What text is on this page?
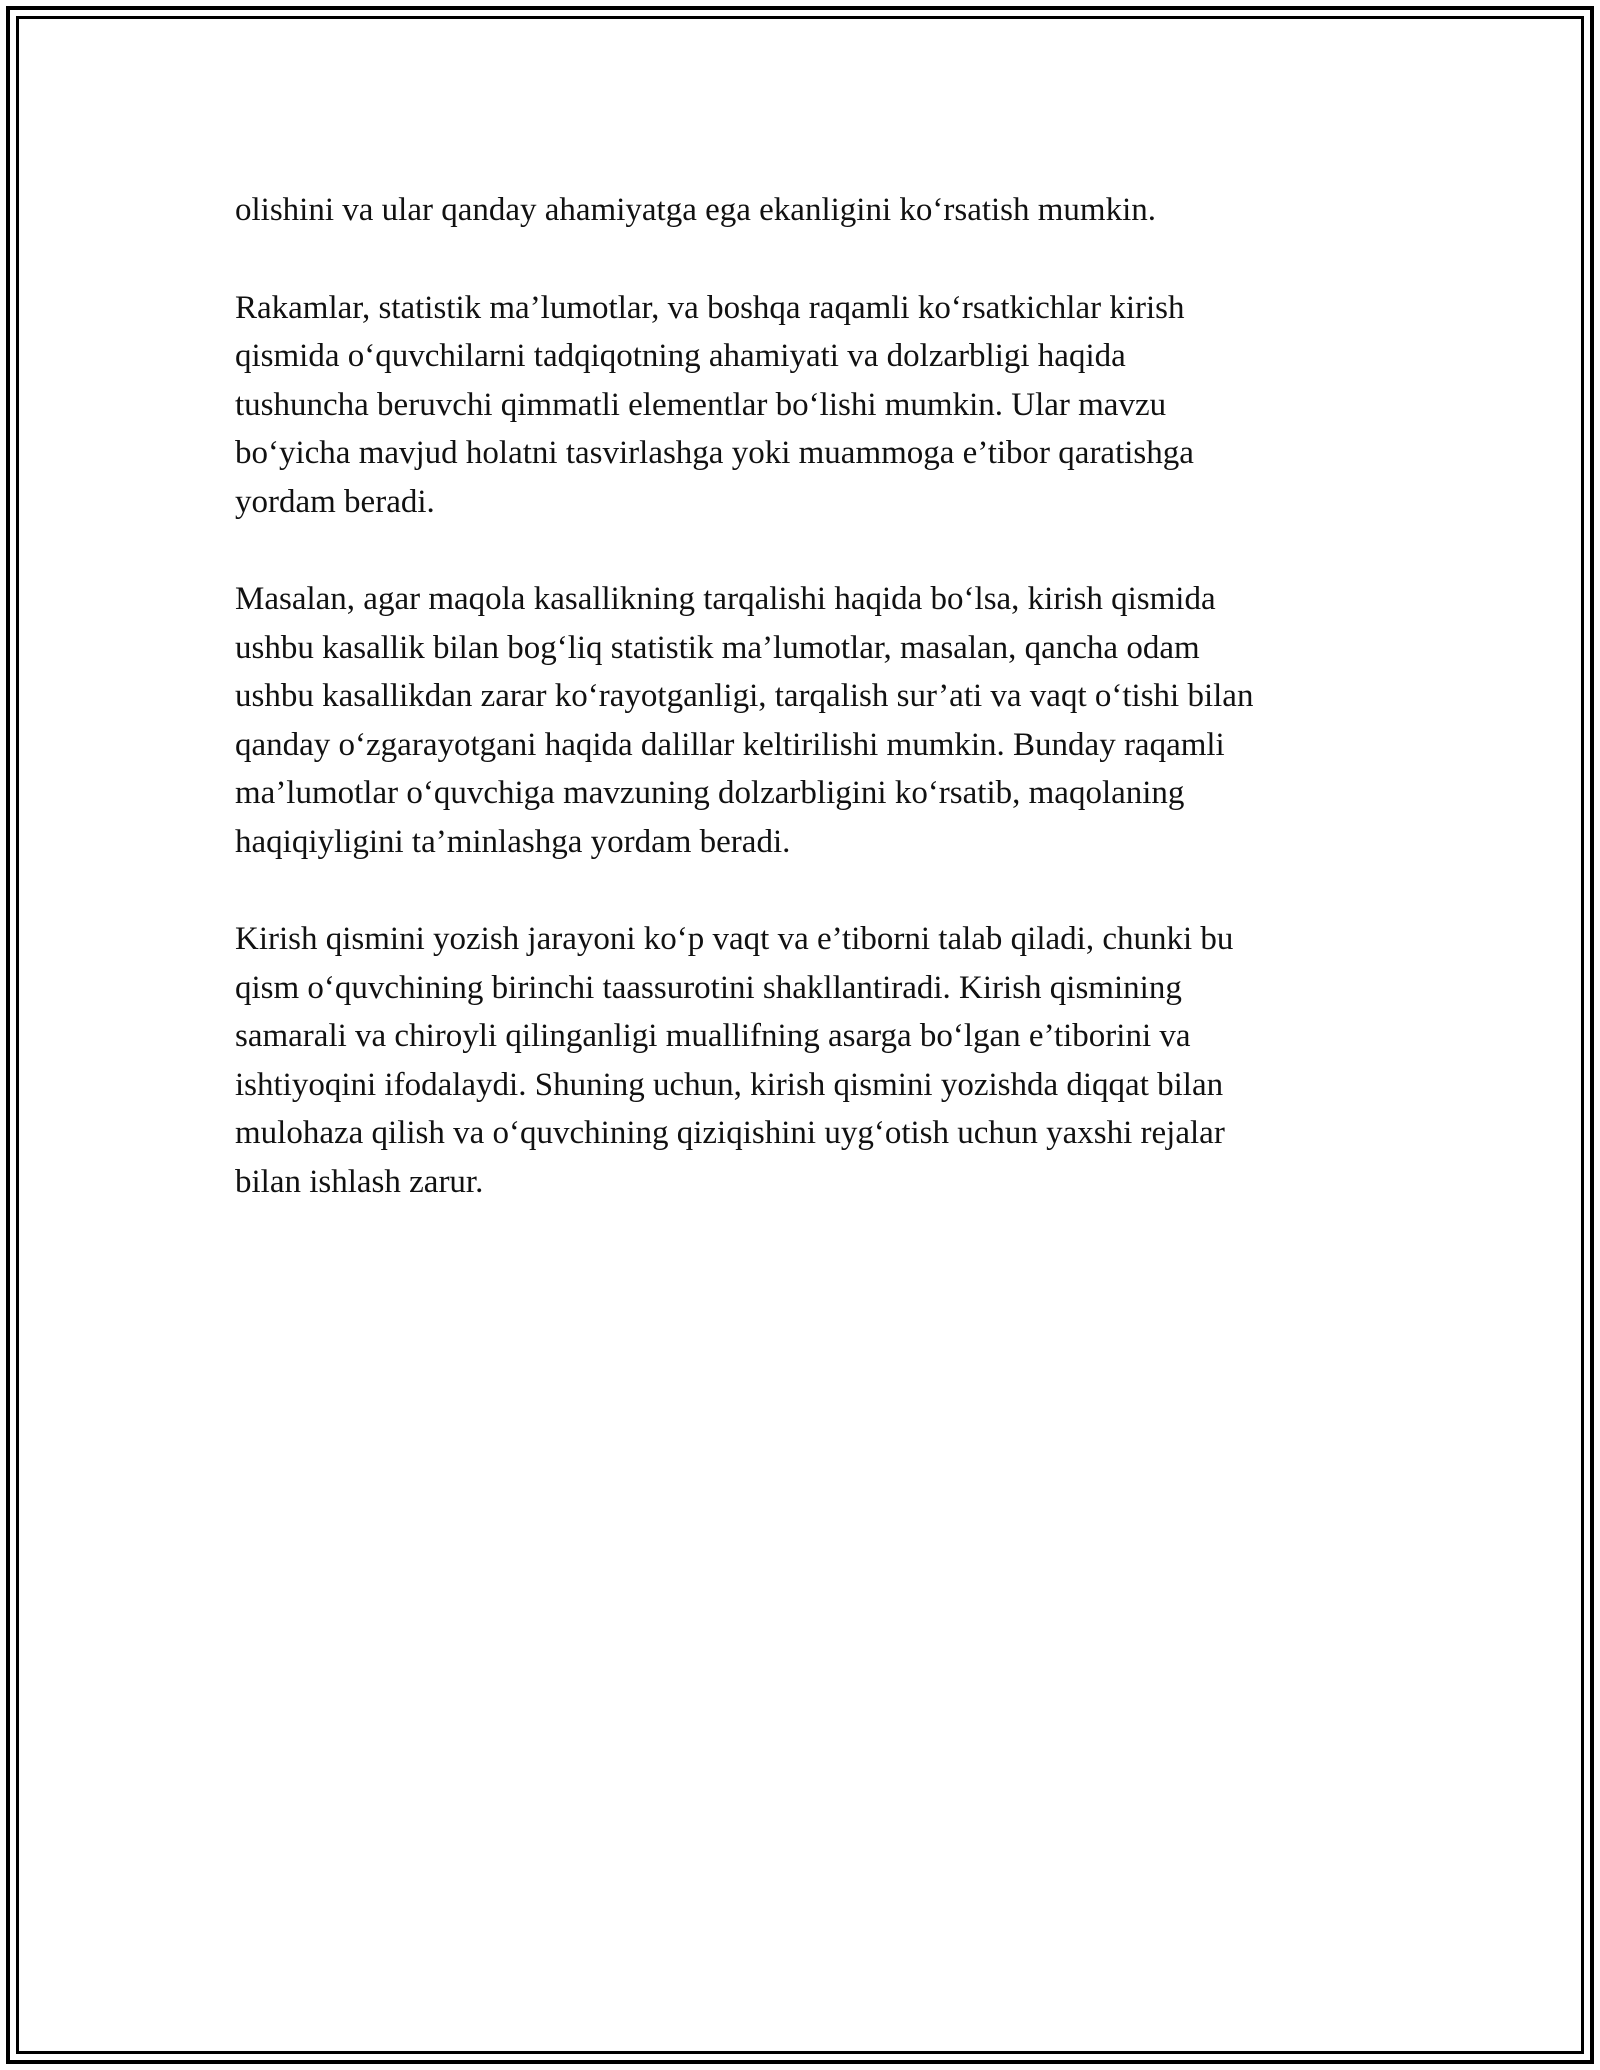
olishini va ular qanday ahamiyatga ega ekanligini ko‘rsatish mumkin.

Rakamlar, statistik ma’lumotlar, va boshqa raqamli ko‘rsatkichlar kirish
qismida o‘quvchilarni tadqiqotning ahamiyati va dolzarbligi haqida
tushuncha beruvchi qimmatli elementlar bo‘lishi mumkin. Ular mavzu
bo‘yicha mavjud holatni tasvirlashga yoki muammoga e’tibor qaratishga
yordam beradi.

Masalan, agar maqola kasallikning tarqalishi haqida bo‘lsa, kirish qismida
ushbu kasallik bilan bog‘liq statistik ma’lumotlar, masalan, qancha odam
ushbu kasallikdan zarar ko‘rayotganligi, tarqalish sur’ati va vaqt o‘tishi bilan
qanday o‘zgarayotgani haqida dalillar keltirilishi mumkin. Bunday raqamli
ma’lumotlar o‘quvchiga mavzuning dolzarbligini ko‘rsatib, maqolaning
haqiqiyligini ta’minlashga yordam beradi.

Kirish qismini yozish jarayoni ko‘p vaqt va e’tiborni talab qiladi, chunki bu
qism o‘quvchining birinchi taassurotini shakllantiradi. Kirish qismining
samarali va chiroyli qilinganligi muallifning asarga bo‘lgan e’tiborini va
ishtiyoqini ifodalaydi. Shuning uchun, kirish qismini yozishda diqqat bilan
mulohaza qilish va o‘quvchining qiziqishini uyg‘otish uchun yaxshi rejalar
bilan ishlash zarur.
